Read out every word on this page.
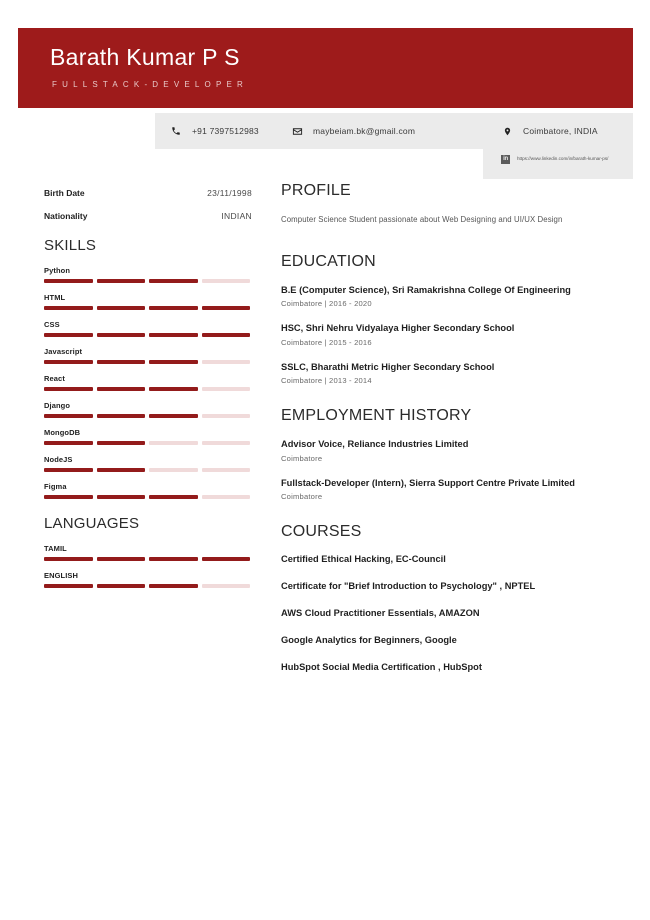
Barath Kumar P S
FULLSTACK-DEVELOPER
+91 7397512983	maybeiam.bk@gmail.com	Coimbatore, INDIA
in	https://www.linkedin.com/in/barath-kumar-ps/
Birth Date	23/11/1998
Nationality	INDIAN
SKILLS
Python
HTML
CSS
Javascript
React
Django
MongoDB
NodeJS
Figma
LANGUAGES
TAMIL
ENGLISH
PROFILE
Computer Science Student passionate about Web Designing and UI/UX Design
EDUCATION
B.E (Computer Science), Sri Ramakrishna College Of Engineering
Coimbatore | 2016 - 2020
HSC, Shri Nehru Vidyalaya Higher Secondary School
Coimbatore | 2015 - 2016
SSLC, Bharathi Metric Higher Secondary School
Coimbatore | 2013 - 2014
EMPLOYMENT HISTORY
Advisor Voice, Reliance Industries Limited
Coimbatore
Fullstack-Developer (Intern), Sierra Support Centre Private Limited
Coimbatore
COURSES
Certified Ethical Hacking, EC-Council
Certificate for "Brief Introduction to Psychology" , NPTEL
AWS Cloud Practitioner Essentials, AMAZON
Google Analytics for Beginners, Google
HubSpot Social Media Certification , HubSpot
